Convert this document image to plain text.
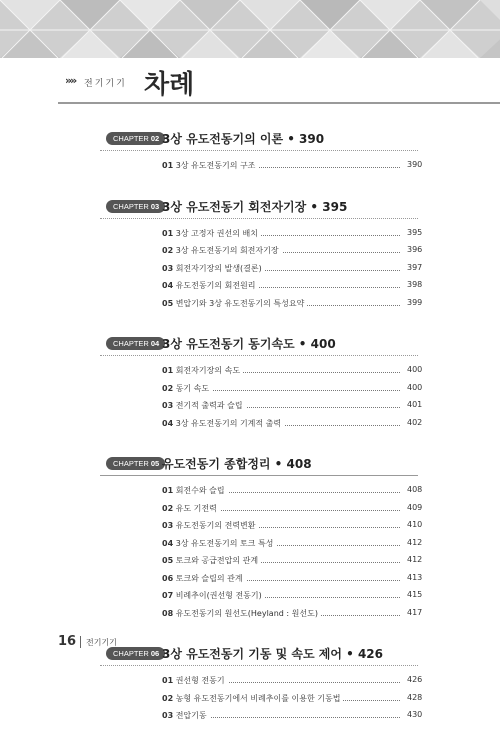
»» 전기기기 차례
CHAPTER 02 3상 유도전동기의 이론 • 390
01 3상 유도전동기의 구조	390
CHAPTER 03 3상 유도전동기 회전자기장 • 395
01 3상 고정자 권선의 배치	395
02 3상 유도전동기의 회전자기장	396
03 회전자기장의 발생(결론)	397
04 유도전동기의 회전원리	398
05 변압기와 3상 유도전동기의 특성요약	399
CHAPTER 04 3상 유도전동기 동기속도 • 400
01 회전자기장의 속도	400
02 동기 속도	400
03 전기적 출력과 슬립	401
04 3상 유도전동기의 기계적 출력	402
CHAPTER 05 유도전동기 종합정리 • 408
01 회전수와 슬립	408
02 유도 기전력	409
03 유도전동기의 전력변환	410
04 3상 유도전동기의 토크 특성	412
05 토크와 공급전압의 관계	412
06 토크와 슬립의 관계	413
07 비례추이(권선형 전동기)	415
08 유도전동기의 원선도(Heyland : 원선도)	417
CHAPTER 06 3상 유도전동기 기동 및 속도 제어 • 426
01 권선형 전동기	426
02 농형 유도전동기에서 비례추이를 이용한 기동법	428
03 전압기동	430
16 전기기기
